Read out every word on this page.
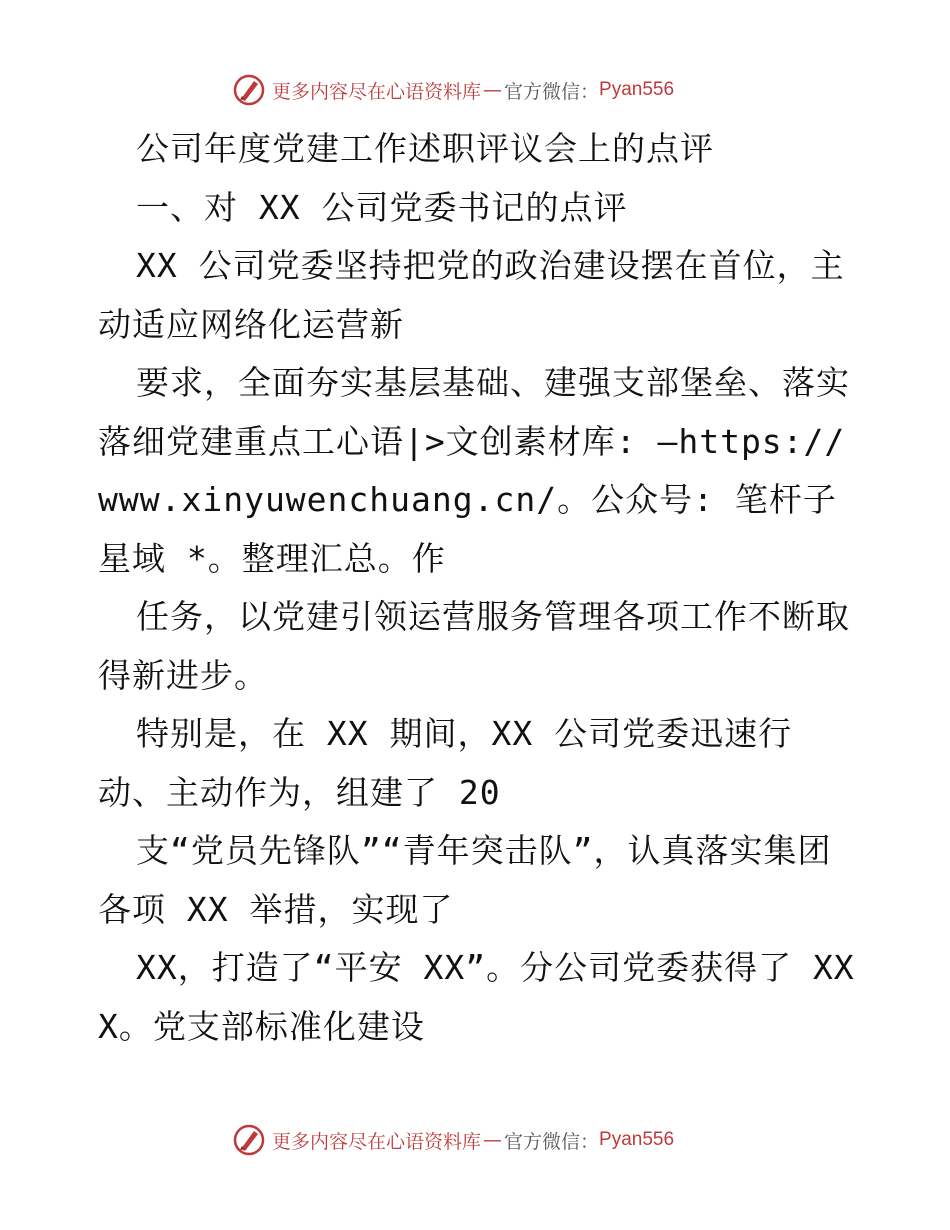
更多内容尽在心语资料库 — 官方微信： Pyan556

公司年度党建工作述职评议会上的点评

一、对 XX 公司党委书记的点评

XX 公司党委坚持把党的政治建设摆在首位，主动适应网络化运营新

要求，全面夯实基层基础、建强支部堡垒、落实落细党建重点工心语|>文创素材库: —https:// www.xinyuwenchuang.cn/。公众号: 笔杆子星域 *。整理汇总。作

任务，以党建引领运营服务管理各项工作不断取得新进步。

特别是，在 XX 期间，XX 公司党委迅速行动、主动作为，组建了 20

支“党员先锋队”“青年突击队”，认真落实集团各项 XX 举措，实现了

XX，打造了“平安 XX”。分公司党委获得了 XXX。党支部标准化建设

更多内容尽在心语资料库 — 官方微信： Pyan556
